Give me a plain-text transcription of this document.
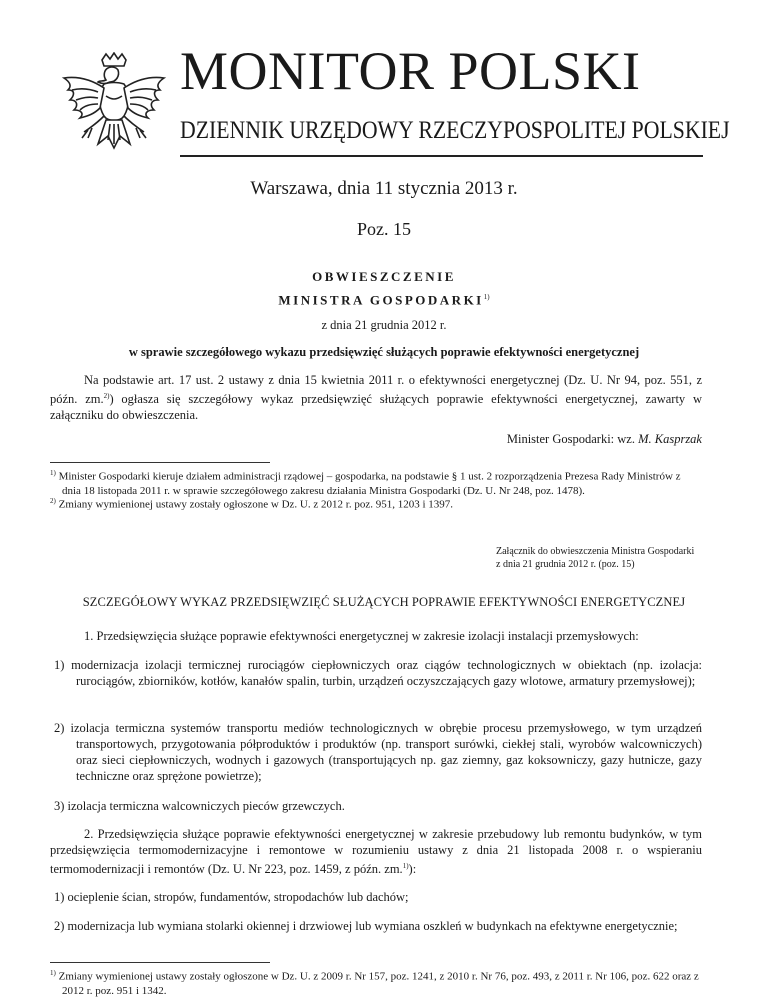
MONITOR POLSKI
DZIENNIK URZĘDOWY RZECZYPOSPOLITEJ POLSKIEJ
Warszawa, dnia 11 stycznia 2013 r.
Poz. 15
OBWIESZCZENIE
MINISTRA GOSPODARKI$^{1)}$
z dnia 21 grudnia 2012 r.
w sprawie szczegółowego wykazu przedsięwzięć służących poprawie efektywności energetycznej
Na podstawie art. 17 ust. 2 ustawy z dnia 15 kwietnia 2011 r. o efektywności energetycznej (Dz. U. Nr 94, poz. 551, z późn. zm.$^{2)}$) ogłasza się szczegółowy wykaz przedsięwzięć służących poprawie efektywności energetycznej, zawarty w załączniku do obwieszczenia.
Minister Gospodarki: wz. M. Kasprzak
$^{1)}$ Minister Gospodarki kieruje działem administracji rządowej – gospodarka, na podstawie § 1 ust. 2 rozporządzenia Prezesa Rady Ministrów z dnia 18 listopada 2011 r. w sprawie szczegółowego zakresu działania Ministra Gospodarki (Dz. U. Nr 248, poz. 1478).
$^{2)}$ Zmiany wymienionej ustawy zostały ogłoszone w Dz. U. z 2012 r. poz. 951, 1203 i 1397.
Załącznik do obwieszczenia Ministra Gospodarki
z dnia 21 grudnia 2012 r. (poz. 15)
SZCZEGÓŁOWY WYKAZ PRZEDSIĘWZIĘĆ SŁUŻĄCYCH POPRAWIE EFEKTYWNOŚCI ENERGETYCZNEJ
1. Przedsięwzięcia służące poprawie efektywności energetycznej w zakresie izolacji instalacji przemysłowych:
1) modernizacja izolacji termicznej rurociągów ciepłowniczych oraz ciągów technologicznych w obiektach (np. izolacja: rurociągów, zbiorników, kotłów, kanałów spalin, turbin, urządzeń oczyszczających gazy wlotowe, armatury przemysłowej);
2) izolacja termiczna systemów transportu mediów technologicznych w obrębie procesu przemysłowego, w tym urządzeń transportowych, przygotowania półproduktów i produktów (np. transport surówki, ciekłej stali, wyrobów walcowniczych) oraz sieci ciepłowniczych, wodnych i gazowych (transportujących np. gaz ziemny, gaz koksowniczy, gazy hutnicze, gazy techniczne oraz sprężone powietrze);
3) izolacja termiczna walcowniczych pieców grzewczych.
2. Przedsięwzięcia służące poprawie efektywności energetycznej w zakresie przebudowy lub remontu budynków, w tym przedsięwzięcia termomodernizacyjne i remontowe w rozumieniu ustawy z dnia 21 listopada 2008 r. o wspieraniu termomodernizacji i remontów (Dz. U. Nr 223, poz. 1459, z późn. zm.$^{1)}$):
1) ocieplenie ścian, stropów, fundamentów, stropodachów lub dachów;
2) modernizacja lub wymiana stolarki okiennej i drzwiowej lub wymiana oszkleń w budynkach na efektywne energetycznie;
$^{1)}$ Zmiany wymienionej ustawy zostały ogłoszone w Dz. U. z 2009 r. Nr 157, poz. 1241, z 2010 r. Nr 76, poz. 493, z 2011 r. Nr 106, poz. 622 oraz z 2012 r. poz. 951 i 1342.
